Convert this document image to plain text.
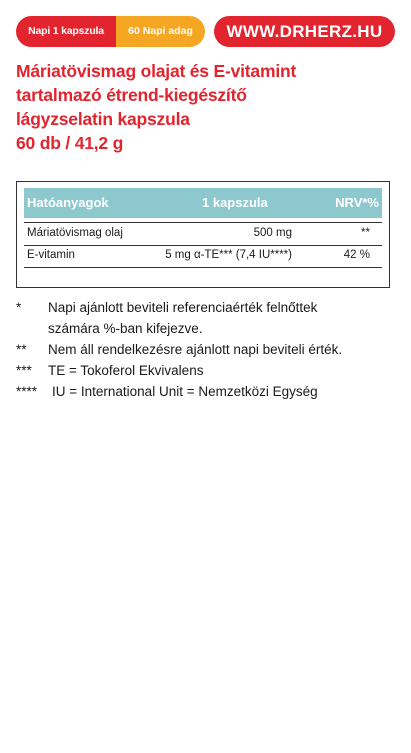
Napi 1 kapszula	60 Napi adag	WWW.DRHERZ.HU
Máriatövismag olajat és E-vitamint
tartalmazó étrend-kiegészítő
lágyzselatin kapszula
60 db / 41,2 g
Hatóanyagok	1 kapszula	NRV*%
Máriatövismag olaj	500 mg	**
E-vitamin	5 mg α-TE*** (7,4 IU****)	42 %
*	Napi ajánlott beviteli referenciaérték felnőttek
számára %-ban kifejezve.
**	Nem áll rendelkezésre ajánlott napi beviteli érték.
***	TE = Tokoferol Ekvivalens
****	IU = International Unit = Nemzetközi Egység
